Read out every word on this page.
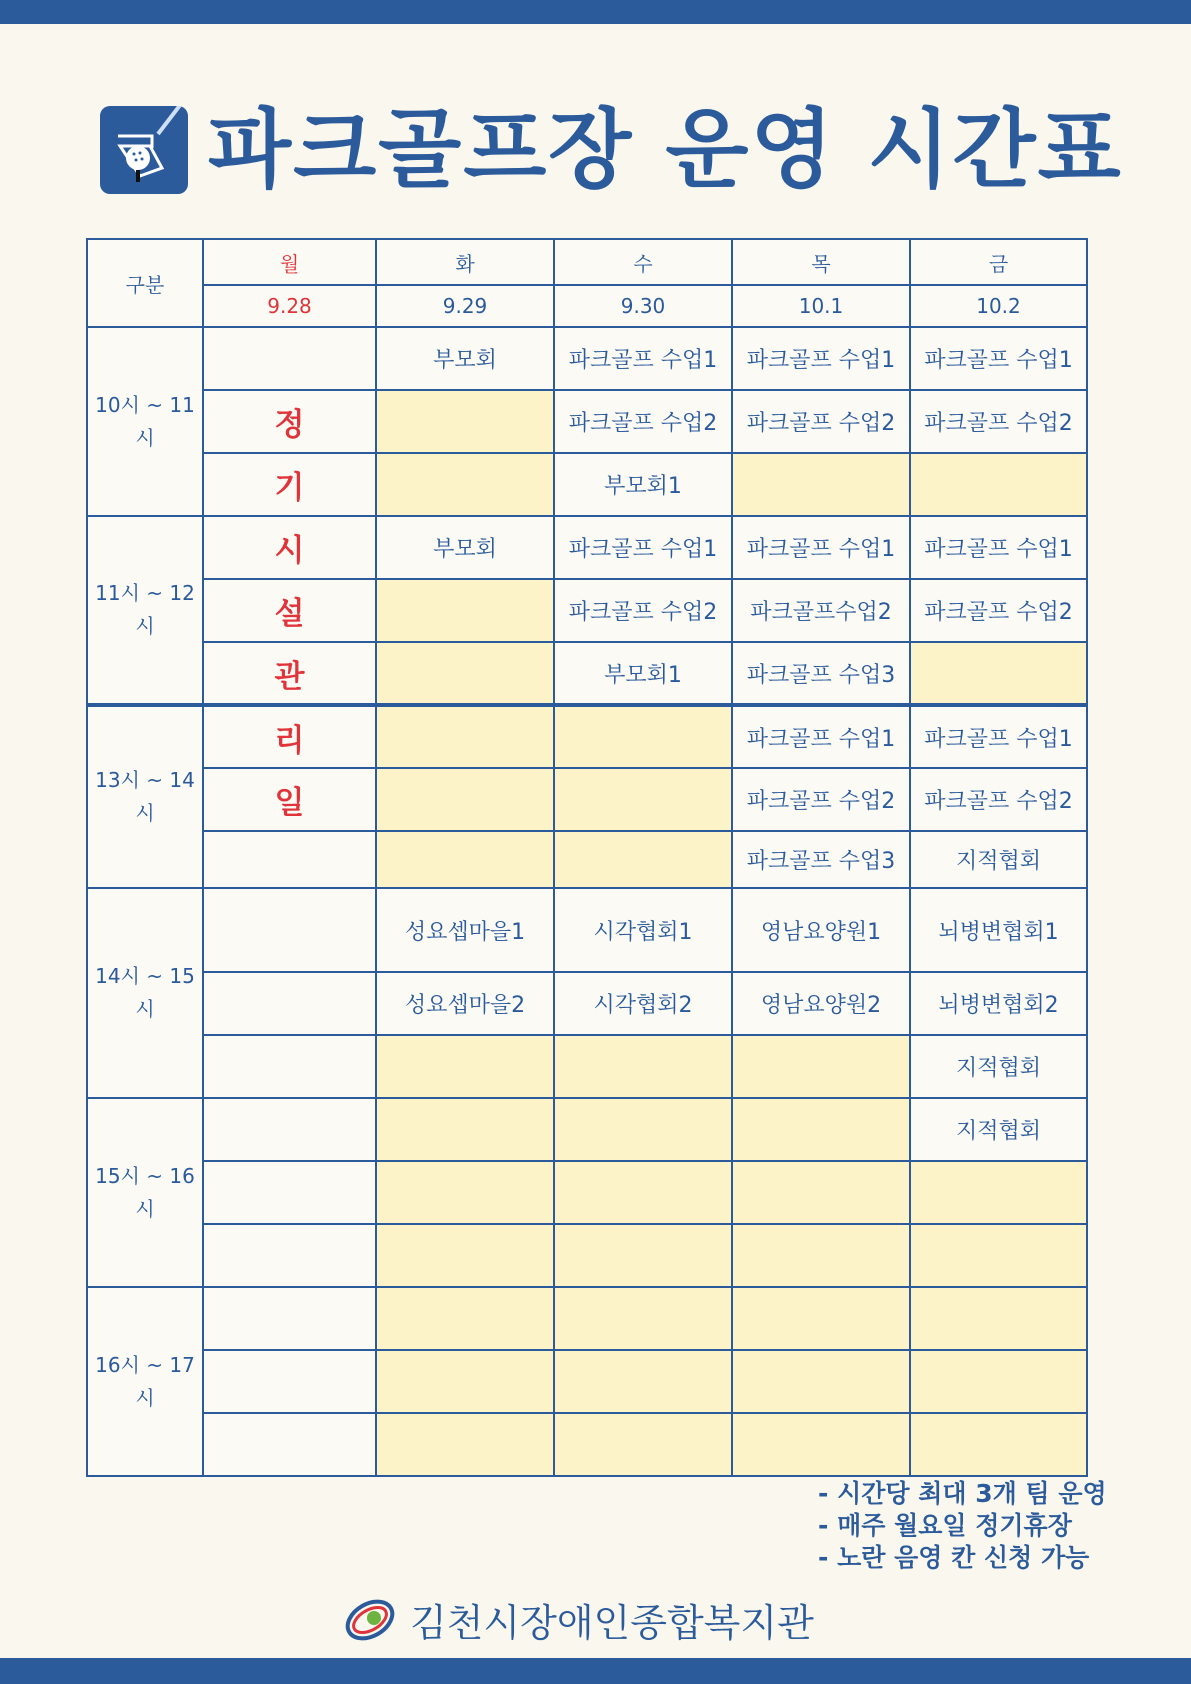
파크골프장 운영 시간표
구분	월	화	수	목	금
	9.28	9.29	9.30	10.1	10.2
10시 ~ 11시		부모회	파크골프 수업1	파크골프 수업1	파크골프 수업1
	정		파크골프 수업2	파크골프 수업2	파크골프 수업2
	기		부모회1		
11시 ~ 12시	시	부모회	파크골프 수업1	파크골프 수업1	파크골프 수업1
	설		파크골프 수업2	파크골프수업2	파크골프 수업2
	관		부모회1	파크골프 수업3	
13시 ~ 14시	리			파크골프 수업1	파크골프 수업1
	일			파크골프 수업2	파크골프 수업2
				파크골프 수업3	지적협회
14시 ~ 15시		성요셉마을1	시각협회1	영남요양원1	뇌병변협회1
		성요셉마을2	시각협회2	영남요양원2	뇌병변협회2
					지적협회
15시 ~ 16시					지적협회

16시 ~ 17시					

- 시간당 최대 3개 팀 운영
- 매주 월요일 정기휴장
- 노란 음영 칸 신청 가능
김천시장애인종합복지관
